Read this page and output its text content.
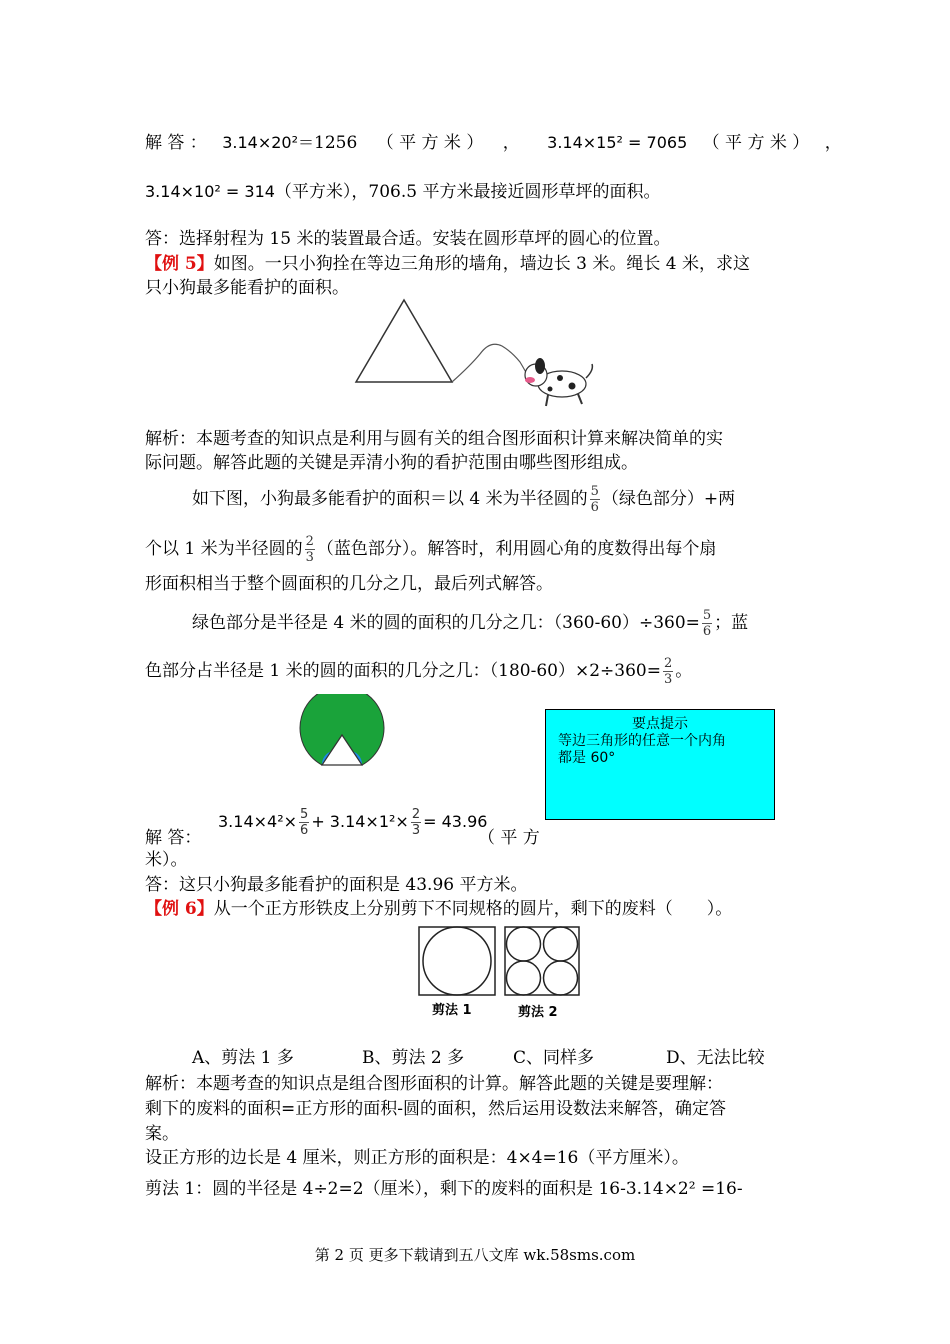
解 答 ： 3.14×20²＝1256 （ 平 方 米 ） ， 3.14×15² = 7065 （ 平 方 米 ） ，
3.14×10² = 314（平方米），706.5 平方米最接近圆形草坪的面积。
答：选择射程为 15 米的装置最合适。安装在圆形草坪的圆心的位置。
【例 5】如图。一只小狗拴在等边三角形的墙角，墙边长 3 米。绳长 4 米，求这
只小狗最多能看护的面积。
解析：本题考查的知识点是利用与圆有关的组合图形面积计算来解决简单的实
际问题。解答此题的关键是弄清小狗的看护范围由哪些图形组成。
如下图，小狗最多能看护的面积＝以 4 米为半径圆的 $\frac{5}{6}$ （绿色部分）+两
个以 1 米为半径圆的 $\frac{2}{3}$ （蓝色部分）。解答时，利用圆心角的度数得出每个扇
形面积相当于整个圆面积的几分之几，最后列式解答。
绿色部分是半径是 4 米的圆的面积的几分之几：$(360-60)\div 360= \frac{5}{6}$ ；蓝
色部分占半径是 1 米的圆的面积的几分之几：$(180-60)\times 2\div 360= \frac{2}{3}$ 。
要点提示
等边三角形的任意一个内角
都是 60°
$3.14\times 4^2\times \frac{5}{6} + 3.14\times 1^2\times \frac{2}{3} = 43.96$
解 答：	（ 平 方
米）。
答：这只小狗最多能看护的面积是 43.96 平方米。
【例 6】从一个正方形铁皮上分别剪下不同规格的圆片，剩下的废料（　　）。
剪法 1	剪法 2
A、剪法 1 多	B、剪法 2 多	C、同样多	D、无法比较
解析：本题考查的知识点是组合图形面积的计算。解答此题的关键是要理解：
剩下的废料的面积=正方形的面积-圆的面积，然后运用设数法来解答，确定答
案。
设正方形的边长是 4 厘米，则正方形的面积是：4×4=16（平方厘米）。
剪法 1：圆的半径是 4÷2=2（厘米），剩下的废料的面积是 16-3.14×2² =16-
第 2 页 更多下载请到五八文库 wk.58sms.com
